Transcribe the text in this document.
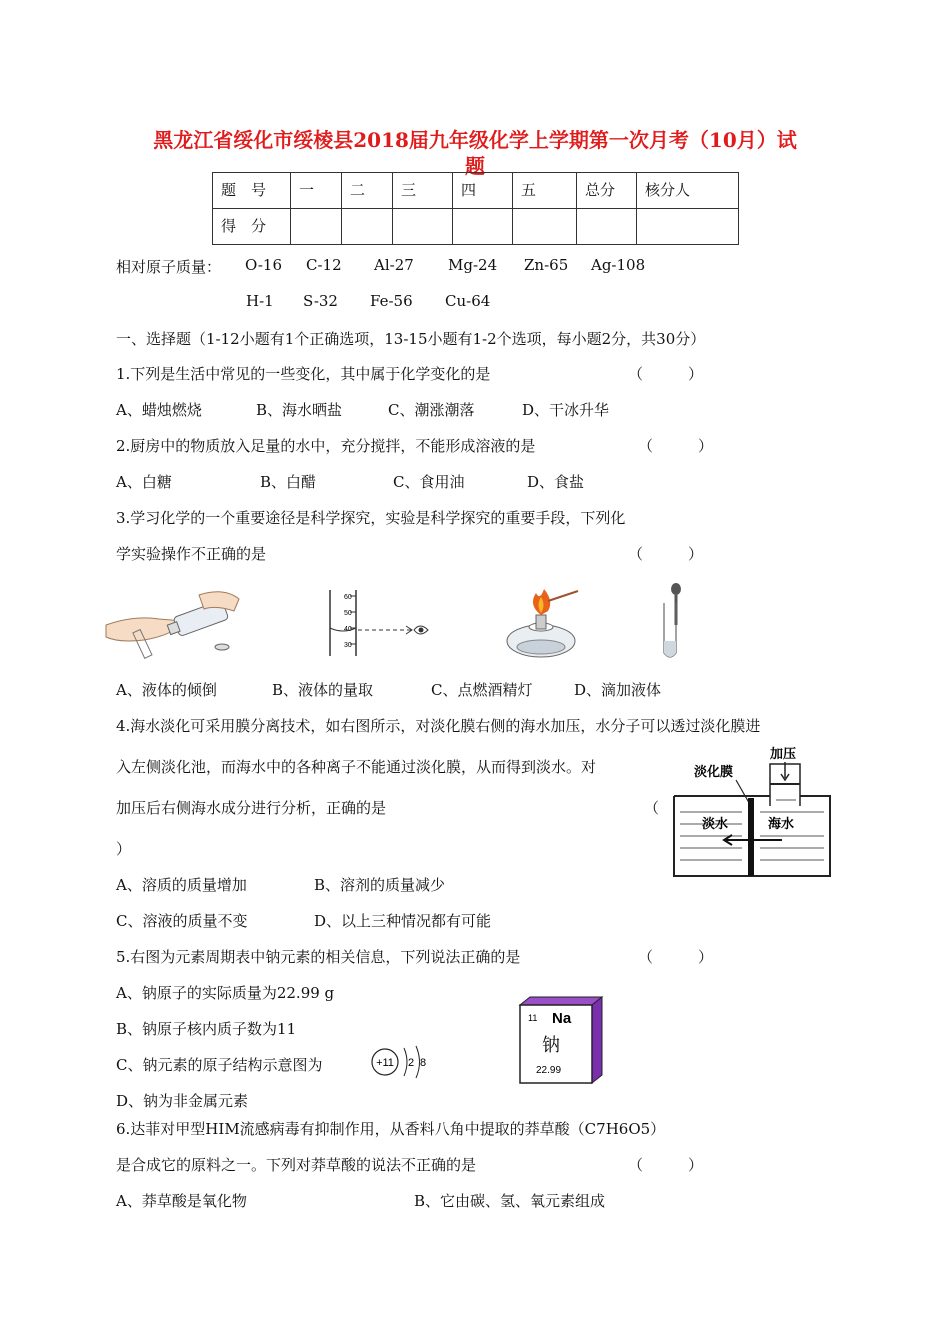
黑龙江省绥化市绥棱县2018届九年级化学上学期第一次月考（10月）试
题
题　号	一	二	三	四	五	总分	核分人
得　分							
相对原子质量： O-16 C-12 Al-27 Mg-24 Zn-65 Ag-108
H-1 S-32 Fe-56 Cu-64
一、选择题（1-12小题有1个正确选项，13-15小题有1-2个选项，每小题2分，共30分）
1.下列是生活中常见的一些变化，其中属于化学变化的是	（　　　）
A、蜡烛燃烧	B、海水晒盐	C、潮涨潮落	D、干冰升华
2.厨房中的物质放入足量的水中，充分搅拌，不能形成溶液的是	（　　　）
A、白糖	B、白醋	C、食用油	D、食盐
3.学习化学的一个重要途径是科学探究，实验是科学探究的重要手段，下列化
学实验操作不正确的是	（　　　）
60
50
40
30
A、液体的倾倒	B、液体的量取	C、点燃酒精灯	D、滴加液体
4.海水淡化可采用膜分离技术，如右图所示，对淡化膜右侧的海水加压，水分子可以透过淡化膜进
入左侧淡化池，而海水中的各种离子不能通过淡化膜，从而得到淡水。对
加压后右侧海水成分进行分析，正确的是	（
）
加压
淡化膜
淡水	海水
A、溶质的质量增加	B、溶剂的质量减少
C、溶液的质量不变	D、以上三种情况都有可能
5.右图为元素周期表中钠元素的相关信息，下列说法正确的是	（　　　）
A、钠原子的实际质量为22.99 g
B、钠原子核内质子数为11
C、钠元素的原子结构示意图为
D、钠为非金属元素
+11 2 8
11 Na
钠
22.99
6.达菲对甲型HIM流感病毒有抑制作用，从香料八角中提取的莽草酸（C7H6O5）
是合成它的原料之一。下列对莽草酸的说法不正确的是	（　　　）
A、莽草酸是氧化物	B、它由碳、氢、氧元素组成
